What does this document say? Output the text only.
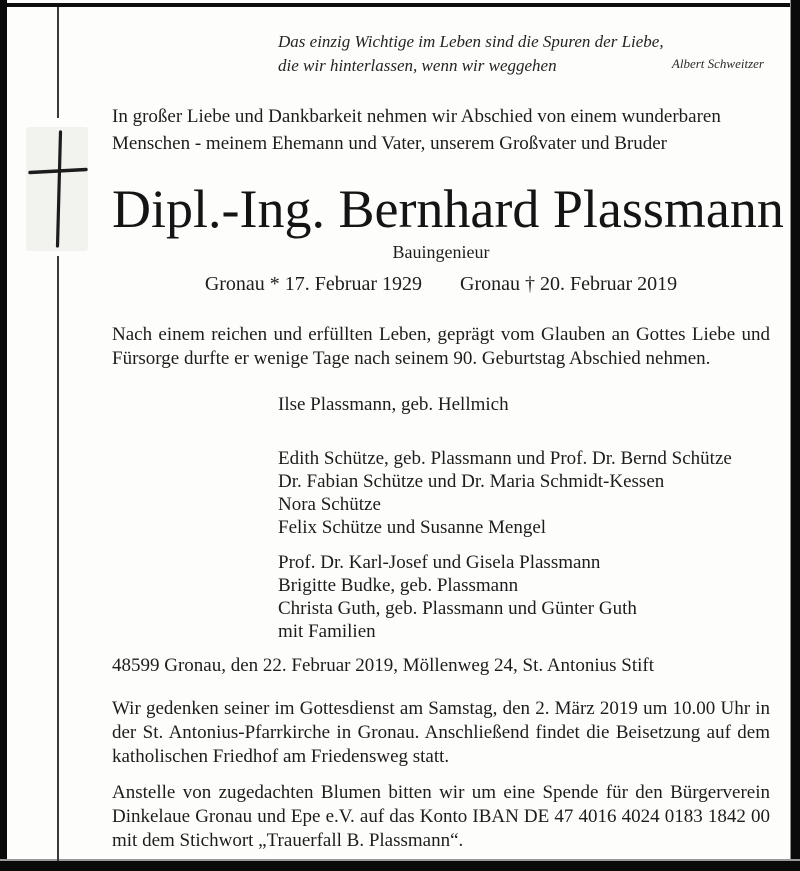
Das einzig Wichtige im Leben sind die Spuren der Liebe,
die wir hinterlassen, wenn wir weggehen	Albert Schweitzer
In großer Liebe und Dankbarkeit nehmen wir Abschied von einem wunderbaren
Menschen - meinem Ehemann und Vater, unserem Großvater und Bruder
Dipl.-Ing. Bernhard Plassmann
Bauingenieur
Gronau * 17. Februar 1929 Gronau † 20. Februar 2019

Nach einem reichen und erfüllten Leben, geprägt vom Glauben an Gottes Liebe und Fürsorge durfte er wenige Tage nach seinem 90. Geburtstag Abschied nehmen.

Ilse Plassmann, geb. Hellmich
Edith Schütze, geb. Plassmann und Prof. Dr. Bernd Schütze
Dr. Fabian Schütze und Dr. Maria Schmidt-Kessen
Nora Schütze
Felix Schütze und Susanne Mengel
Prof. Dr. Karl-Josef und Gisela Plassmann
Brigitte Budke, geb. Plassmann
Christa Guth, geb. Plassmann und Günter Guth
mit Familien
48599 Gronau, den 22. Februar 2019, Möllenweg 24, St. Antonius Stift

Wir gedenken seiner im Gottesdienst am Samstag, den 2. März 2019 um 10.00 Uhr in der St. Antonius-Pfarrkirche in Gronau. Anschließend findet die Beisetzung auf dem katholischen Friedhof am Friedensweg statt.

Anstelle von zugedachten Blumen bitten wir um eine Spende für den Bürgerverein Dinkelaue Gronau und Epe e.V. auf das Konto IBAN DE 47 4016 4024 0183 1842 00 mit dem Stichwort „Trauerfall B. Plassmann“.
